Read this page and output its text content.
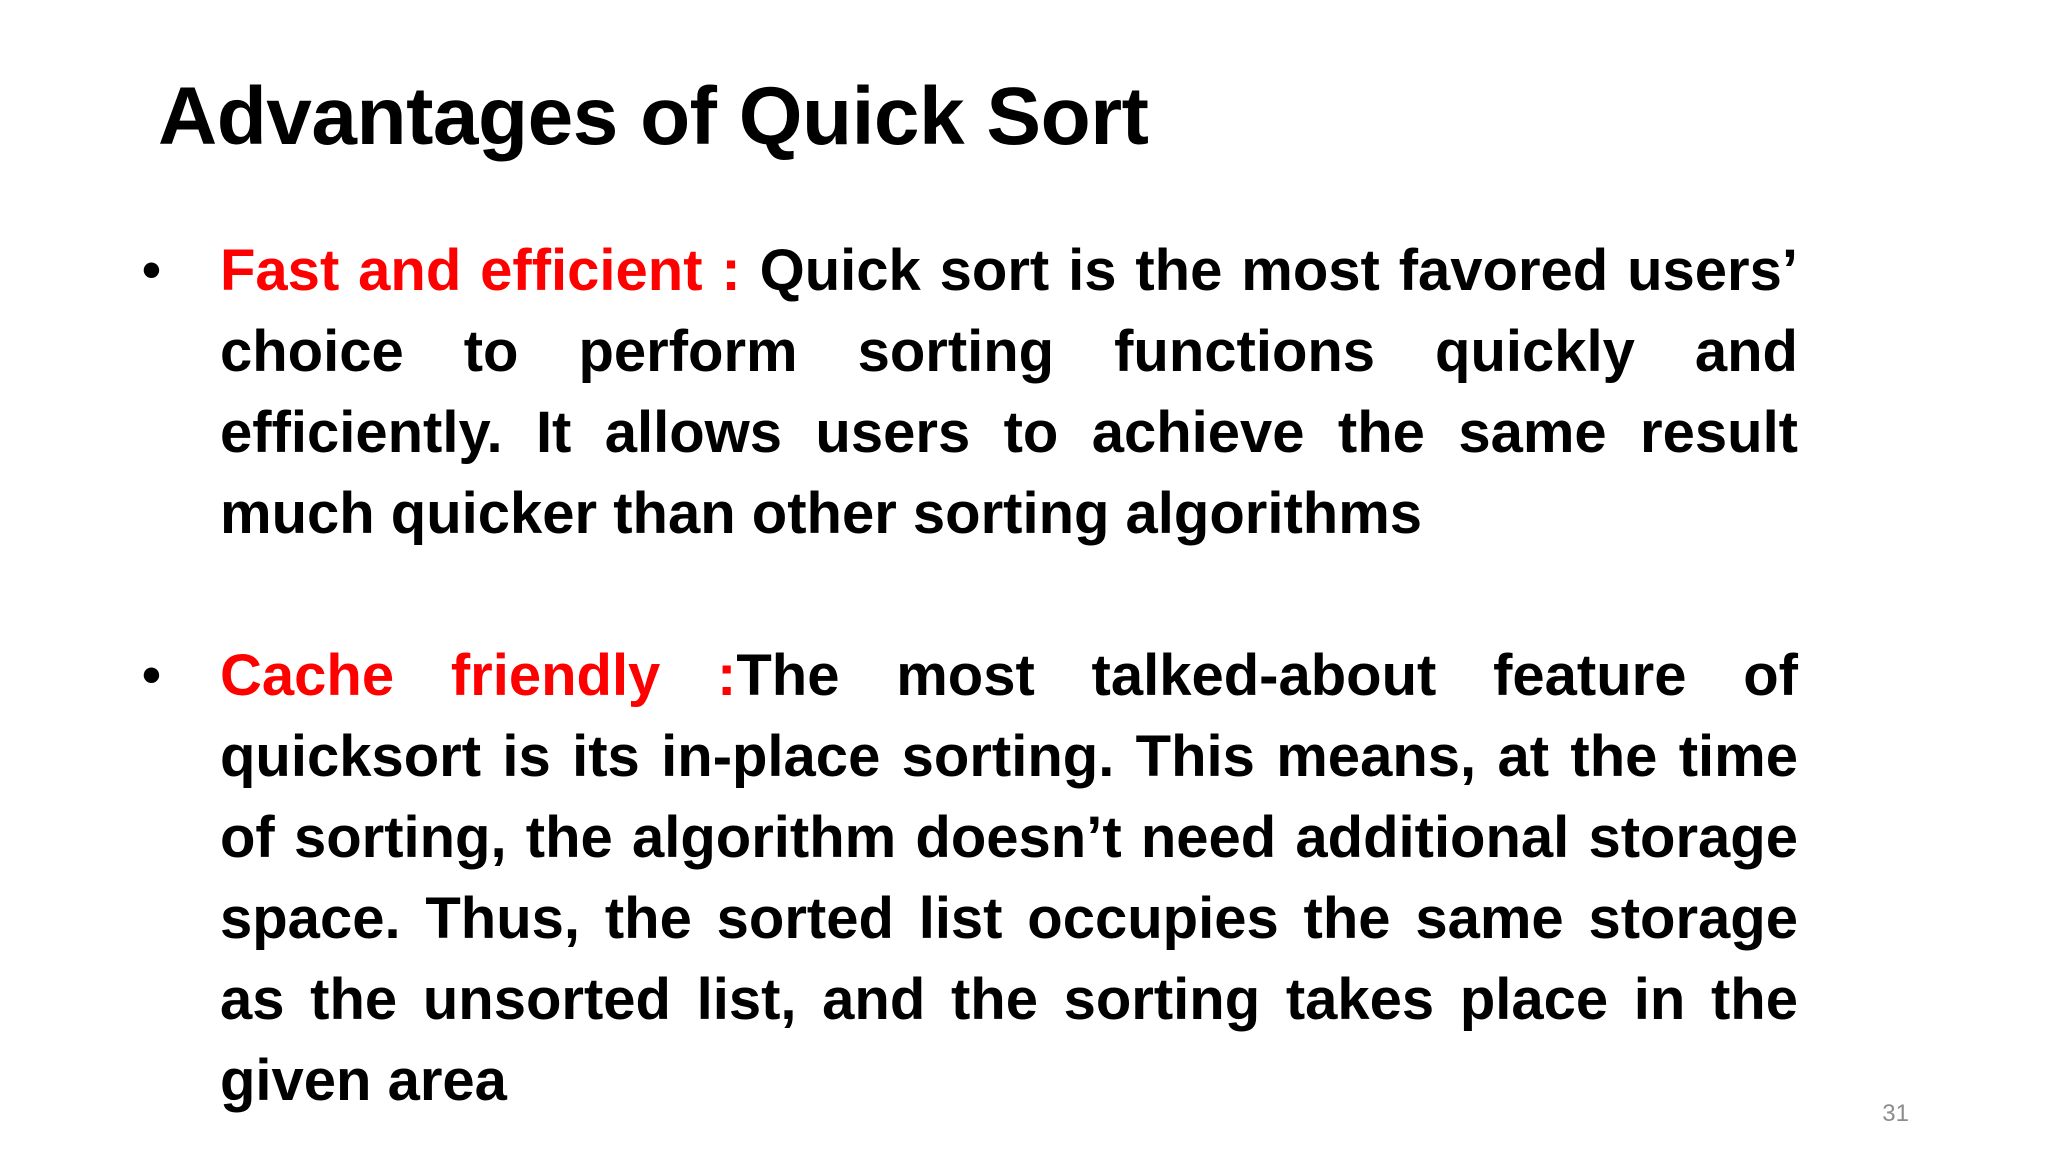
Advantages of Quick Sort
• Fast and efficient : Quick sort is the most favored users’ choice to perform sorting functions quickly and efficiently. It allows users to achieve the same result much quicker than other sorting algorithms
• Cache friendly :The most talked-about feature of quicksort is its in-place sorting. This means, at the time of sorting, the algorithm doesn’t need additional storage space. Thus, the sorted list occupies the same storage as the unsorted list, and the sorting takes place in the given area
31
